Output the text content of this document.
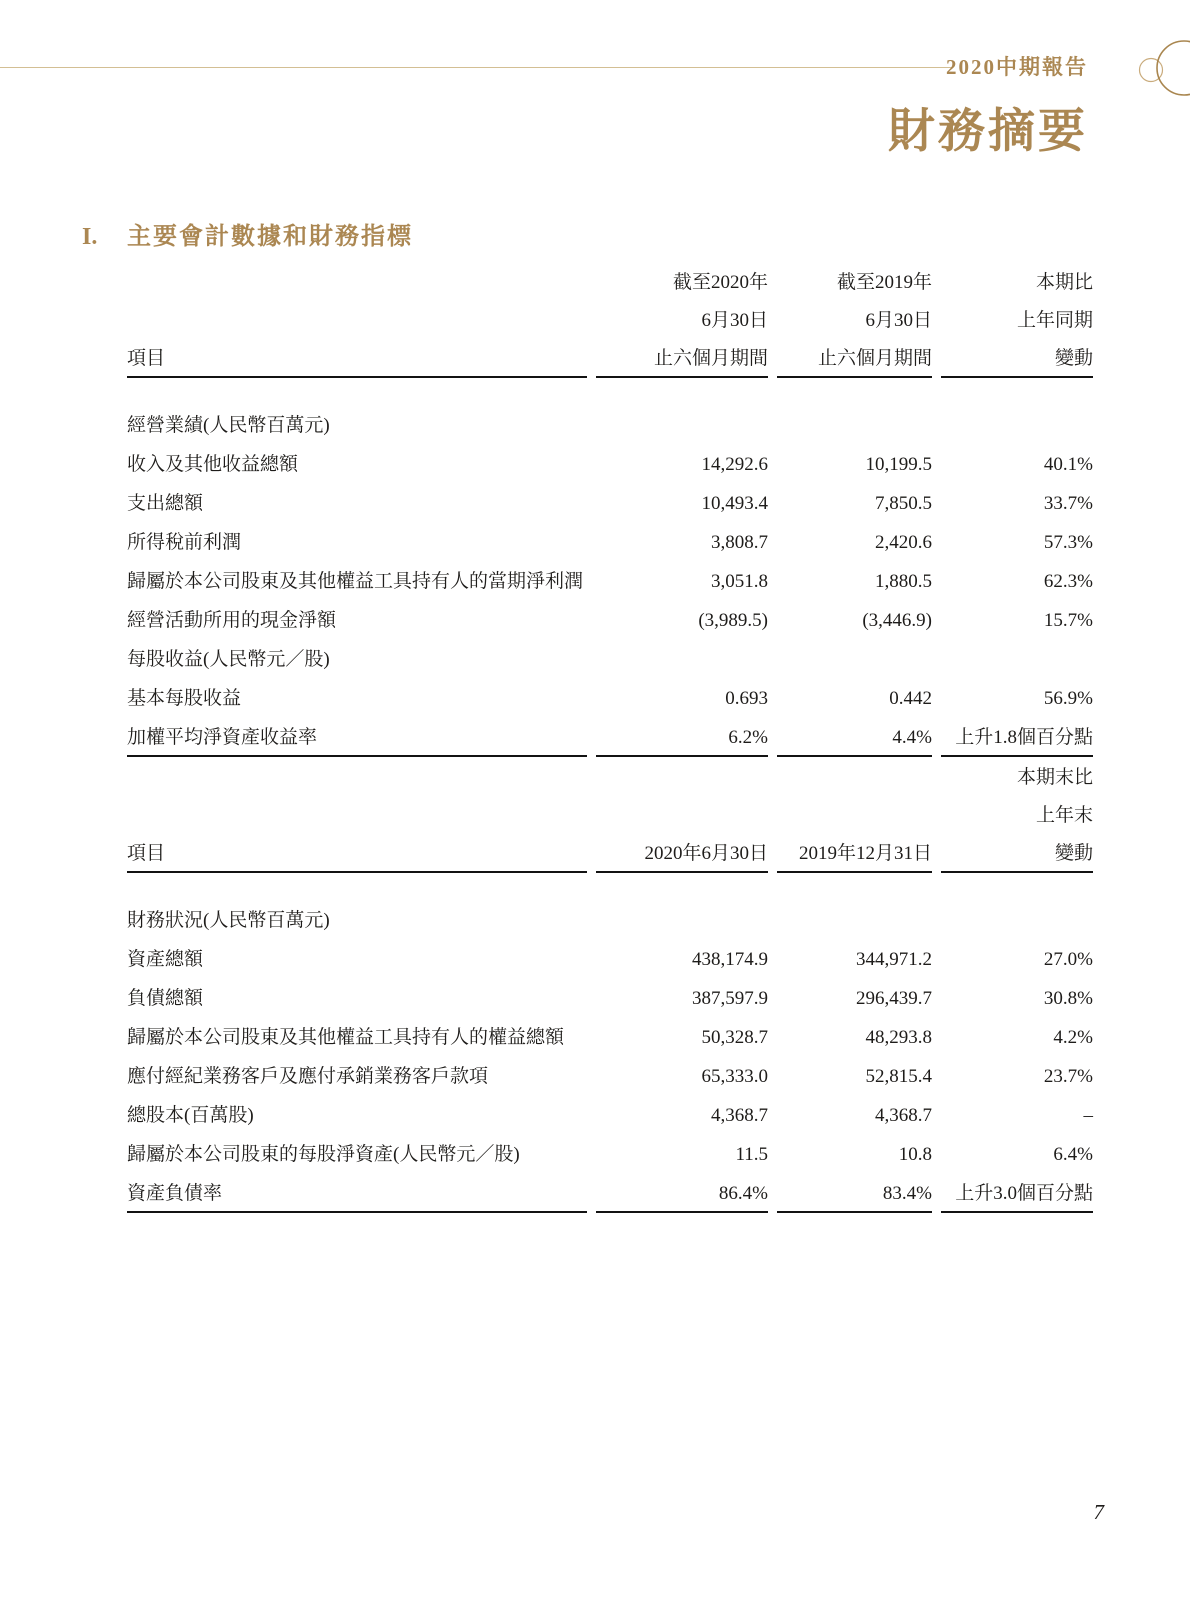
2020中期報告
財務摘要
I. 主要會計數據和財務指標
	截至2020年	截至2019年	本期比
	6月30日	6月30日	上年同期
項目	止六個月期間	止六個月期間	變動
經營業績(人民幣百萬元)			
收入及其他收益總額	14,292.6	10,199.5	40.1%
支出總額	10,493.4	7,850.5	33.7%
所得稅前利潤	3,808.7	2,420.6	57.3%
歸屬於本公司股東及其他權益工具持有人的當期淨利潤	3,051.8	1,880.5	62.3%
經營活動所用的現金淨額	(3,989.5)	(3,446.9)	15.7%
每股收益(人民幣元／股)			
基本每股收益	0.693	0.442	56.9%
加權平均淨資產收益率	6.2%	4.4%	上升1.8個百分點
			本期末比
			上年末
項目	2020年6月30日	2019年12月31日	變動
財務狀況(人民幣百萬元)			
資產總額	438,174.9	344,971.2	27.0%
負債總額	387,597.9	296,439.7	30.8%
歸屬於本公司股東及其他權益工具持有人的權益總額	50,328.7	48,293.8	4.2%
應付經紀業務客戶及應付承銷業務客戶款項	65,333.0	52,815.4	23.7%
總股本(百萬股)	4,368.7	4,368.7	–
歸屬於本公司股東的每股淨資產(人民幣元／股)	11.5	10.8	6.4%
資產負債率	86.4%	83.4%	上升3.0個百分點
7
